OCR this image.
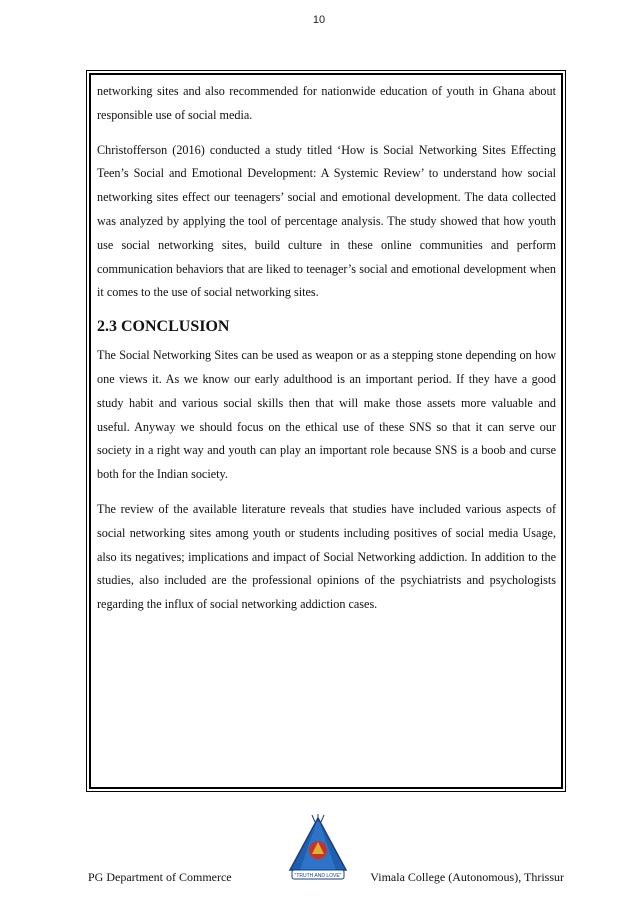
10

networking sites and also recommended for nationwide education of youth in Ghana about responsible use of social media.

Christofferson (2016) conducted a study titled ‘How is Social Networking Sites Effecting Teen’s Social and Emotional Development: A Systemic Review’ to understand how social networking sites effect our teenagers’ social and emotional development. The data collected was analyzed by applying the tool of percentage analysis. The study showed that how youth use social networking sites, build culture in these online communities and perform communication behaviors that are liked to teenager’s social and emotional development when it comes to the use of social networking sites.

2.3 CONCLUSION

The Social Networking Sites can be used as weapon or as a stepping stone depending on how one views it. As we know our early adulthood is an important period. If they have a good study habit and various social skills then that will make those assets more valuable and useful. Anyway we should focus on the ethical use of these SNS so that it can serve our society in a right way and youth can play an important role because SNS is a boob and curse both for the Indian society.

The review of the available literature reveals that studies have included various aspects of social networking sites among youth or students including positives of social media Usage, also its negatives; implications and impact of Social Networking addiction. In addition to the studies, also included are the professional opinions of the psychiatrists and psychologists regarding the influx of social networking addiction cases.

"TRUTH AND LOVE"
PG Department of Commerce	Vimala College (Autonomous), Thrissur
